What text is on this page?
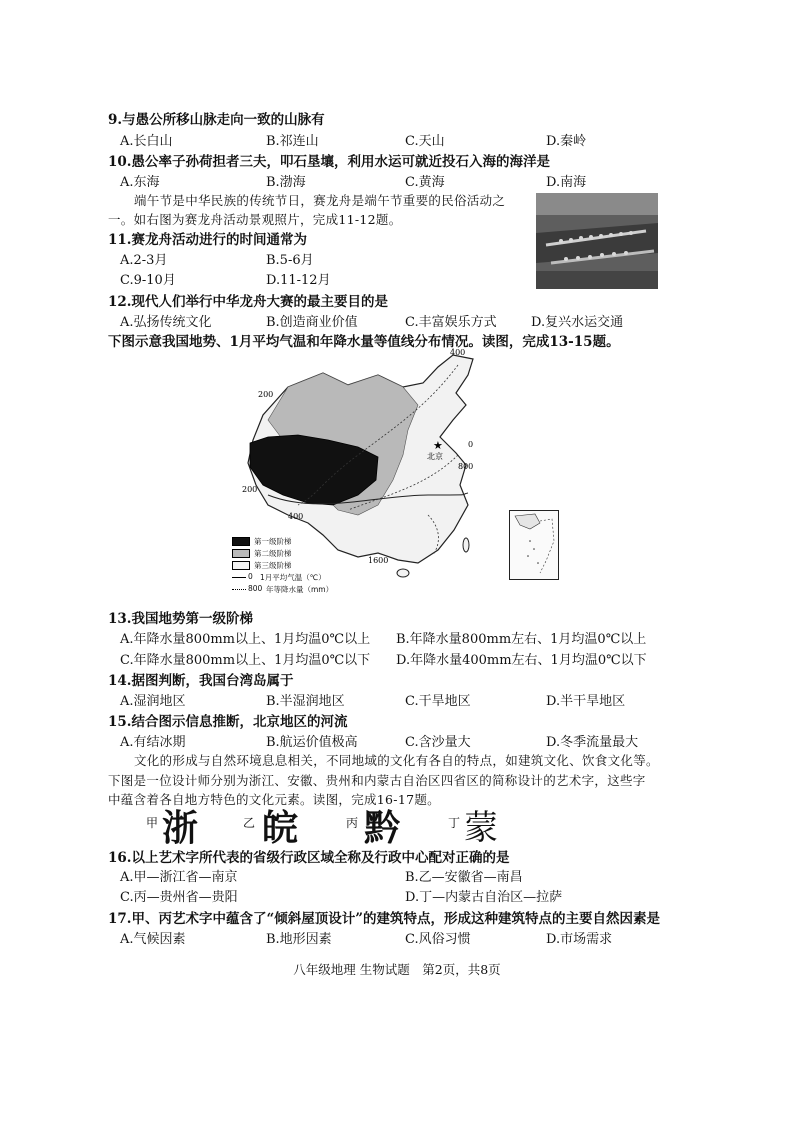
9.与愚公所移山脉走向一致的山脉有
A.长白山	B.祁连山	C.天山	D.秦岭
10.愚公率子孙荷担者三夫，叩石垦壤，利用水运可就近投石入海的海洋是
A.东海	B.渤海	C.黄海	D.南海
端午节是中华民族的传统节日，赛龙舟是端午节重要的民俗活动之
一。如右图为赛龙舟活动景观照片，完成11-12题。
11.赛龙舟活动进行的时间通常为
A.2-3月	B.5-6月
C.9-10月	D.11-12月
12.现代人们举行中华龙舟大赛的最主要目的是
A.弘扬传统文化	B.创造商业价值	C.丰富娱乐方式	D.复兴水运交通
下图示意我国地势、1月平均气温和年降水量等值线分布情况。读图，完成13-15题。
★
北京
400
200
200
400
800
1600
0
第一级阶梯
第二级阶梯
第三级阶梯
0 1月平均气温（℃）
800 年等降水量（mm）
13.我国地势第一级阶梯
A.年降水量800mm以上、1月均温0℃以上 B.年降水量800mm左右、1月均温0℃以上
C.年降水量800mm以上、1月均温0℃以下 D.年降水量400mm左右、1月均温0℃以下
14.据图判断，我国台湾岛属于
A.湿润地区	B.半湿润地区	C.干旱地区	D.半干旱地区
15.结合图示信息推断，北京地区的河流
A.有结冰期	B.航运价值极高	C.含沙量大	D.冬季流量最大
文化的形成与自然环境息息相关，不同地域的文化有各自的特点，如建筑文化、饮食文化等。
下图是一位设计师分别为浙江、安徽、贵州和内蒙古自治区四省区的简称设计的艺术字，这些字
中蕴含着各自地方特色的文化元素。读图，完成16-17题。
甲 浙	乙 皖	丙 黔	丁 蒙
16.以上艺术字所代表的省级行政区域全称及行政中心配对正确的是
A.甲—浙江省—南京	B.乙—安徽省—南昌
C.丙—贵州省—贵阳	D.丁—内蒙古自治区—拉萨
17.甲、丙艺术字中蕴含了“倾斜屋顶设计”的建筑特点，形成这种建筑特点的主要自然因素是
A.气候因素	B.地形因素	C.风俗习惯	D.市场需求
八年级地理 生物试题　第2页，共8页
